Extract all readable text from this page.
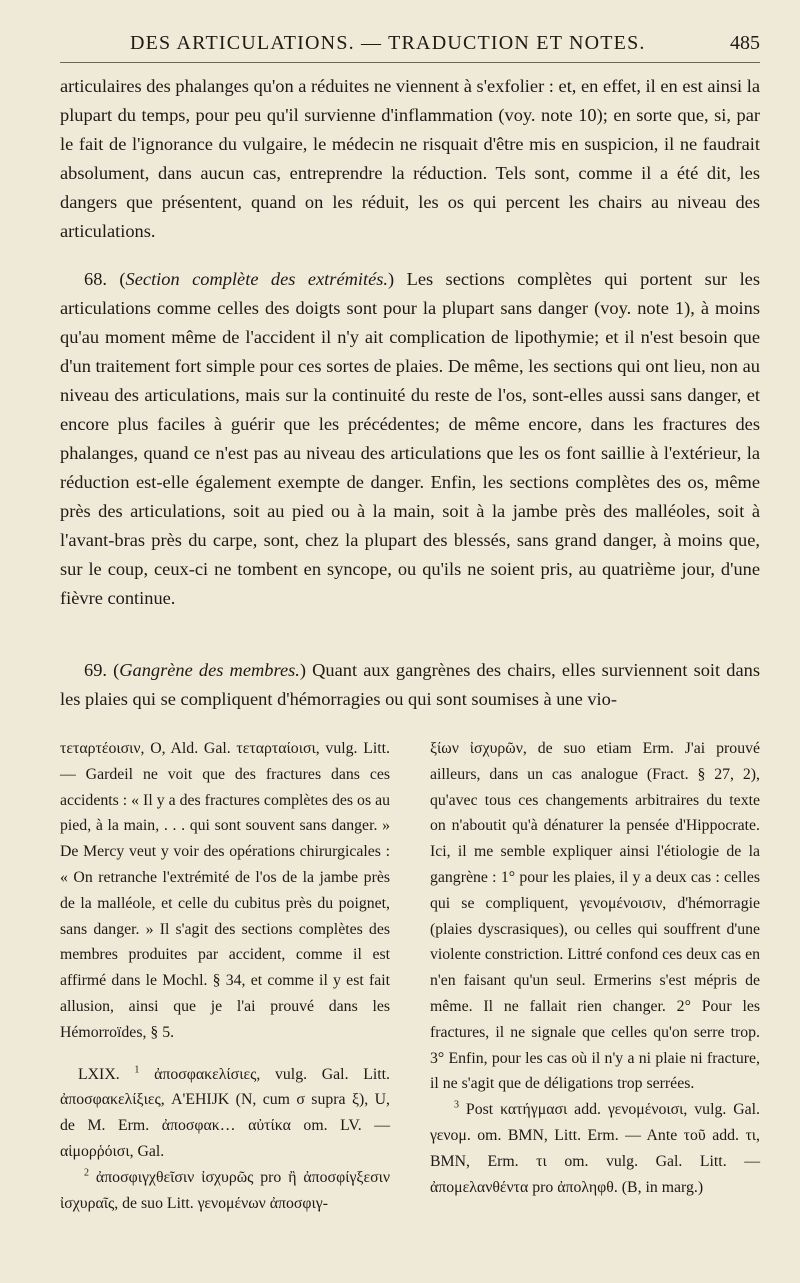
DES ARTICULATIONS. — TRADUCTION ET NOTES.	485

articulaires des phalanges qu'on a réduites ne viennent à s'exfolier : et, en effet, il en est ainsi la plupart du temps, pour peu qu'il survienne d'inflammation (voy. note 10); en sorte que, si, par le fait de l'ignorance du vulgaire, le médecin ne risquait d'être mis en suspicion, il ne faudrait absolument, dans aucun cas, entreprendre la réduction. Tels sont, comme il a été dit, les dangers que présentent, quand on les réduit, les os qui percent les chairs au niveau des articulations.

68. (Section complète des extrémités.) Les sections complètes qui portent sur les articulations comme celles des doigts sont pour la plupart sans danger (voy. note 1), à moins qu'au moment même de l'accident il n'y ait complication de lipothymie; et il n'est besoin que d'un traitement fort simple pour ces sortes de plaies. De même, les sections qui ont lieu, non au niveau des articulations, mais sur la continuité du reste de l'os, sont-elles aussi sans danger, et encore plus faciles à guérir que les précédentes; de même encore, dans les fractures des phalanges, quand ce n'est pas au niveau des articulations que les os font saillie à l'extérieur, la réduction est-elle également exempte de danger. Enfin, les sections complètes des os, même près des articulations, soit au pied ou à la main, soit à la jambe près des malléoles, soit à l'avant-bras près du carpe, sont, chez la plupart des blessés, sans grand danger, à moins que, sur le coup, ceux-ci ne tombent en syncope, ou qu'ils ne soient pris, au quatrième jour, d'une fièvre continue.

69. (Gangrène des membres.) Quant aux gangrènes des chairs, elles surviennent soit dans les plaies qui se compliquent d'hémorragies ou qui sont soumises à une vio-

τεταρτέοισιν, O, Ald. Gal. τεταρταίοισι, vulg. Litt. — Gardeil ne voit que des fractures dans ces accidents : « Il y a des fractures complètes des os au pied, à la main, . . . qui sont souvent sans danger. » De Mercy veut y voir des opérations chirurgicales : « On retranche l'extrémité de l'os de la jambe près de la malléole, et celle du cubitus près du poignet, sans danger. » Il s'agit des sections complètes des membres produites par accident, comme il est affirmé dans le Mochl. § 34, et comme il y est fait allusion, ainsi que je l'ai prouvé dans les Hémorroïdes, § 5.

LXIX. $^1$ ἀποσφακελίσιες, vulg. Gal. Litt. ἀποσφακελίξιες, A'EHIJK (N, cum σ supra ξ), U, de M. Erm. ἀποσφακ… αὐτίκα om. LV. — αἱμορῥόισι, Gal.

$^2$ ἀποσφιγχθεῖσιν ἰσχυρῶς pro ἢ ἀποσφίγξεσιν ἰσχυραῖς, de suo Litt. γενομένων ἀποσφιγ-

ξίων ἰσχυρῶν, de suo etiam Erm. J'ai prouvé ailleurs, dans un cas analogue (Fract. § 27, 2), qu'avec tous ces changements arbitraires du texte on n'aboutit qu'à dénaturer la pensée d'Hippocrate. Ici, il me semble expliquer ainsi l'étiologie de la gangrène : 1° pour les plaies, il y a deux cas : celles qui se compliquent, γενομένοισιν, d'hémorragie (plaies dyscrasiques), ou celles qui souffrent d'une violente constriction. Littré confond ces deux cas en n'en faisant qu'un seul. Ermerins s'est mépris de même. Il ne fallait rien changer. 2° Pour les fractures, il ne signale que celles qu'on serre trop. 3° Enfin, pour les cas où il n'y a ni plaie ni fracture, il ne s'agit que de déligations trop serrées.

$^3$ Post κατήγμασι add. γενομένοισι, vulg. Gal. γενομ. om. BMN, Litt. Erm. — Ante τοῦ add. τι, BMN, Erm. τι om. vulg. Gal. Litt. — ἀπομελανθέντα pro ἀποληφθ. (B, in marg.)
